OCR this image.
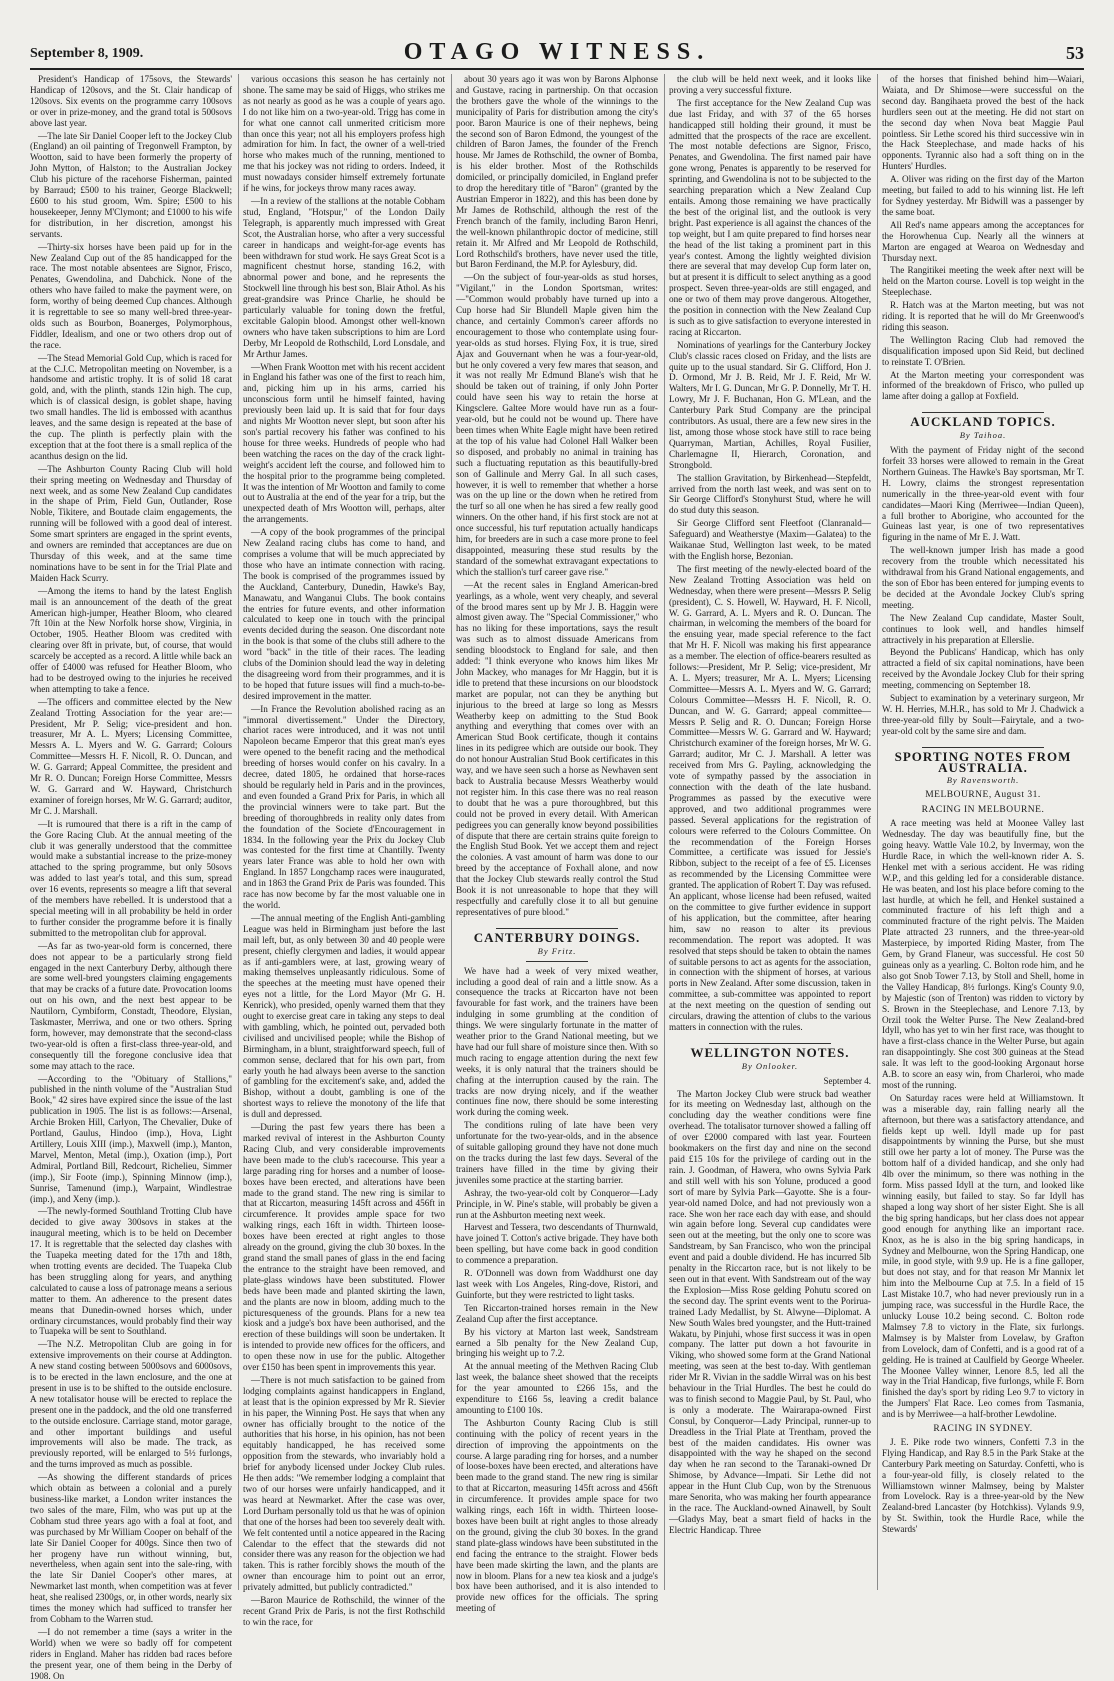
September 8, 1909.	OTAGO WITNESS.	53

President's Handicap of 175sovs, the Stewards' Handicap of 120sovs, and the St. Clair handicap of 120sovs. Six events on the programme carry 100sovs or over in prize-money, and the grand total is 500sovs above last year.

—The late Sir Daniel Cooper left to the Jockey Club (England) an oil painting of Tregonwell Frampton, by Wootton, said to have been formerly the property of John Mytton, of Halston; to the Australian Jockey Club his picture of the racehorse Fisherman, painted by Barraud; £500 to his trainer, George Blackwell; £600 to his stud groom, Wm. Spire; £500 to his housekeeper, Jenny M'Clymont; and £1000 to his wife for distribution, in her discretion, amongst his servants.

—Thirty-six horses have been paid up for in the New Zealand Cup out of the 85 handicapped for the race. The most notable absentees are Signor, Frisco, Penates, Gwendolina, and Dabchick. None of the others who have failed to make the payment were, on form, worthy of being deemed Cup chances. Although it is regrettable to see so many well-bred three-year-olds such as Bourbon, Boanerges, Polymorphous, Fiddler, Idealism, and one or two others drop out of the race.

—The Stead Memorial Gold Cup, which is raced for at the C.J.C. Metropolitan meeting on November, is a handsome and artistic trophy. It is of solid 18 carat gold, and, with the plinth, stands 12in high. The cup, which is of classical design, is goblet shape, having two small handles. The lid is embossed with acanthus leaves, and the same design is repeated at the base of the cup. The plinth is perfectly plain with the exception that at the foot there is a small replica of the acanthus design on the lid.

—The Ashburton County Racing Club will hold their spring meeting on Wednesday and Thursday of next week, and as some New Zealand Cup candidates in the shape of Prim, Field Gun, Outlander, Rose Noble, Tikitere, and Boutade claim engagements, the running will be followed with a good deal of interest. Some smart sprinters are engaged in the sprint events, and owners are reminded that acceptances are due on Thursday of this week, and at the same time nominations have to be sent in for the Trial Plate and Maiden Hack Scurry.

—Among the items to hand by the latest English mail is an announcement of the death of the great American high-jumper, Heather Bloom, who cleared 7ft 10in at the New Norfolk horse show, Virginia, in October, 1905. Heather Bloom was credited with clearing over 8ft in private, but, of course, that would scarcely be accepted as a record. A little while back an offer of £4000 was refused for Heather Bloom, who had to be destroyed owing to the injuries he received when attempting to take a fence.

—The officers and committee elected by the New Zealand Trotting Association for the year are:—President, Mr P. Selig; vice-president and hon. treasurer, Mr A. L. Myers; Licensing Committee, Messrs A. L. Myers and W. G. Garrard; Colours Committee—Messrs H. F. Nicoll, R. O. Duncan, and W. G. Garrard; Appeal Committee, the president and Mr R. O. Duncan; Foreign Horse Committee, Messrs W. G. Garrard and W. Hayward, Christchurch examiner of foreign horses, Mr W. G. Garrard; auditor, Mr C. J. Marshall.

—It is rumoured that there is a rift in the camp of the Gore Racing Club. At the annual meeting of the club it was generally understood that the committee would make a substantial increase to the prize-money attached to the spring programme, but only 50sovs was added to last year's total, and this sum, spread over 16 events, represents so meagre a lift that several of the members have rebelled. It is understood that a special meeting will in all probability be held in order to further consider the programme before it is finally submitted to the metropolitan club for approval.

—As far as two-year-old form is concerned, there does not appear to be a particularly strong field engaged in the next Canterbury Derby, although there are some well-bred youngsters claiming engagements that may be cracks of a future date. Provocation looms out on his own, and the next best appear to be Nautilorn, Cymbiform, Constadt, Theodore, Elysian, Taskmaster, Merriwa, and one or two others. Spring form, however, may demonstrate that the second-class two-year-old is often a first-class three-year-old, and consequently till the foregone conclusive idea that some may attach to the race.

—According to the "Obituary of Stallions," published in the ninth volume of the "Australian Stud Book," 42 sires have expired since the issue of the last publication in 1905. The list is as follows:—Arsenal, Archie Broken Hill, Carlyon, The Chevalier, Duke of Portland, Gaulus, Hindoo (imp.), Hova, Light Artillery, Louis XIII (imp.), Maxwell (imp.), Manton, Marvel, Menton, Metal (imp.), Oxation (imp.), Port Admiral, Portland Bill, Redcourt, Richelieu, Simmer (imp.), Sir Foote (imp.), Spinning Minnow (imp.), Sunrise, Tamenund (imp.), Warpaint, Windlestrae (imp.), and Xeny (imp.).

—The newly-formed Southland Trotting Club have decided to give away 300sovs in stakes at the inaugural meeting, which is to be held on December 17. It is regrettable that the selected day clashes with the Tuapeka meeting dated for the 17th and 18th, when trotting events are decided. The Tuapeka Club has been struggling along for years, and anything calculated to cause a loss of patronage means a serious matter to them. An adherence to the present dates means that Dunedin-owned horses which, under ordinary circumstances, would probably find their way to Tuapeka will be sent to Southland.

—The N.Z. Metropolitan Club are going in for extensive improvements on their course at Addington. A new stand costing between 5000sovs and 6000sovs, is to be erected in the lawn enclosure, and the one at present in use is to be shifted to the outside enclosure. A new totalisator house will be erected to replace the present one in the paddock, and the old one transferred to the outside enclosure. Carriage stand, motor garage, and other important buildings and useful improvements will also be made. The track, as previously reported, will be enlarged to 5½ furlongs, and the turns improved as much as possible.

—As showing the different standards of prices which obtain as between a colonial and a purely business-like market, a London writer instances the two sales of the mare, Film, who was put up at the Cobham stud three years ago with a foal at foot, and was purchased by Mr William Cooper on behalf of the late Sir Daniel Cooper for 400gs. Since then two of her progeny have run without winning, but, nevertheless, when again sent into the sale-ring, with the late Sir Daniel Cooper's other mares, at Newmarket last month, when competition was at fever heat, she realised 2300gs, or, in other words, nearly six times the money which had sufficed to transfer her from Cobham to the Warren stud.

—I do not remember a time (says a writer in the World) when we were so badly off for competent riders in England. Maher has ridden bad races before the present year, one of them being in the Derby of 1908. On

various occasions this season he has certainly not shone. The same may be said of Higgs, who strikes me as not nearly as good as he was a couple of years ago. I do not like him on a two-year-old. Trigg has come in for what one cannot call unmerited criticism more than once this year; not all his employers profess high admiration for him. In fact, the owner of a well-tried horse who makes much of the running, mentioned to me that his jockey was not riding to orders. Indeed, it must nowadays consider himself extremely fortunate if he wins, for jockeys throw many races away.

—In a review of the stallions at the notable Cobham stud, England, "Hotspur," of the London Daily Telegraph, is apparently much impressed with Great Scot, the Australian horse, who after a very successful career in handicaps and weight-for-age events has been withdrawn for stud work. He says Great Scot is a magnificent chestnut horse, standing 16.2, with abnormal power and bone, and he represents the Stockwell line through his best son, Blair Athol. As his great-grandsire was Prince Charlie, he should be particularly valuable for toning down the fretful, excitable Galopin blood. Amongst other well-known owners who have taken subscriptions to him are Lord Derby, Mr Leopold de Rothschild, Lord Lonsdale, and Mr Arthur James.

—When Frank Wootton met with his recent accident in England his father was one of the first to reach him, and, picking him up in his arms, carried his unconscious form until he himself fainted, having previously been laid up. It is said that for four days and nights Mr Wootton never slept, but soon after his son's partial recovery his father was confined to his house for three weeks. Hundreds of people who had been watching the races on the day of the crack light-weight's accident left the course, and followed him to the hospital prior to the programme being completed. It was the intention of Mr Wootton and family to come out to Australia at the end of the year for a trip, but the unexpected death of Mrs Wootton will, perhaps, alter the arrangements.

—A copy of the book programmes of the principal New Zealand racing clubs has come to hand, and comprises a volume that will be much appreciated by those who have an intimate connection with racing. The book is comprised of the programmes issued by the Auckland, Canterbury, Dunedin, Hawke's Bay, Manawatu, and Wanganui Clubs. The book contains the entries for future events, and other information calculated to keep one in touch with the principal events decided during the season. One discordant note in the book is that some of the clubs still adhere to the word "back" in the title of their races. The leading clubs of the Dominion should lead the way in deleting the disagreeing word from their programmes, and it is to be hoped that future issues will find a much-to-be-desired improvement in the matter.

—In France the Revolution abolished racing as an "immoral divertissement." Under the Directory, chariot races were introduced, and it was not until Napoleon became Emperor that this great man's eyes were opened to the benefit racing and the methodical breeding of horses would confer on his cavalry. In a decree, dated 1805, he ordained that horse-races should be regularly held in Paris and in the provinces, and even founded a Grand Prix for Paris, in which all the provincial winners were to take part. But the breeding of thoroughbreds in reality only dates from the foundation of the Societe d'Encouragement in 1834. In the following year the Prix du Jockey Club was contested for the first time at Chantilly. Twenty years later France was able to hold her own with England. In 1857 Longchamp races were inaugurated, and in 1863 the Grand Prix de Paris was founded. This race has now become by far the most valuable one in the world.

—The annual meeting of the English Anti-gambling League was held in Birmingham just before the last mail left, but, as only between 30 and 40 people were present, chiefly clergymen and ladies, it would appear as if anti-gamblers were, at last, growing weary of making themselves unpleasantly ridiculous. Some of the speeches at the meeting must have opened their eyes not a little, for the Lord Mayor (Mr G. H. Kenrick), who presided, openly warned them that they ought to exercise great care in taking any steps to deal with gambling, which, he pointed out, pervaded both civilised and uncivilised people; while the Bishop of Birmingham, in a blunt, straightforward speech, full of common sense, declared that for his own part, from early youth he had always been averse to the sanction of gambling for the excitement's sake, and, added the Bishop, without a doubt, gambling is one of the shortest ways to relieve the monotony of the life that is dull and depressed.

—During the past few years there has been a marked revival of interest in the Ashburton County Racing Club, and very considerable improvements have been made to the club's racecourse. This year a large parading ring for horses and a number of loose-boxes have been erected, and alterations have been made to the grand stand. The new ring is similar to that at Riccarton, measuring 145ft across and 456ft in circumference. It provides ample space for two walking rings, each 16ft in width. Thirteen loose-boxes have been erected at right angles to those already on the ground, giving the club 30 boxes. In the grand stand the small panes of glass in the end facing the entrance to the straight have been removed, and plate-glass windows have been substituted. Flower beds have been made and planted skirting the lawn, and the plants are now in bloom, adding much to the picturesqueness of the grounds. Plans for a new tea kiosk and a judge's box have been authorised, and the erection of these buildings will soon be undertaken. It is intended to provide new offices for the officers, and to open these now in use for the public. Altogether over £150 has been spent in improvements this year.

—There is not much satisfaction to be gained from lodging complaints against handicappers in England, at least that is the opinion expressed by Mr R. Sievier in his paper, the Winning Post. He says that when any owner has officially brought to the notice of the authorities that his horse, in his opinion, has not been equitably handicapped, he has received some opposition from the stewards, who invariably hold a brief for anybody licensed under Jockey Club rules. He then adds: "We remember lodging a complaint that two of our horses were unfairly handicapped, and it was heard at Newmarket. After the case was over, Lord Durham personally told us that he was of opinion that one of the horses had been too severely dealt with. We felt contented until a notice appeared in the Racing Calendar to the effect that the stewards did not consider there was any reason for the objection we had taken. This is rather forcibly shows the mouth of the owner than encourage him to point out an error, privately admitted, but publicly contradicted."

—Baron Maurice de Rothschild, the winner of the recent Grand Prix de Paris, is not the first Rothschild to win the race, for

about 30 years ago it was won by Barons Alphonse and Gustave, racing in partnership. On that occasion the brothers gave the whole of the winnings to the municipality of Paris for distribution among the city's poor. Baron Maurice is one of their nephews, being the second son of Baron Edmond, the youngest of the children of Baron James, the founder of the French house. Mr James de Rothschild, the owner of Bomba, is his elder brother. Most of the Rothschilds domiciled, or principally domiciled, in England prefer to drop the hereditary title of "Baron" (granted by the Austrian Emperor in 1822), and this has been done by Mr James de Rothschild, although the rest of the French branch of the family, including Baron Henri, the well-known philanthropic doctor of medicine, still retain it. Mr Alfred and Mr Leopold de Rothschild, Lord Rothschild's brothers, have never used the title, but Baron Ferdinand, the M.P. for Aylesbury, did.

—On the subject of four-year-olds as stud horses, "Vigilant," in the London Sportsman, writes:—"Common would probably have turned up into a Cup horse had Sir Blundell Maple given him the chance, and certainly Common's career affords no encouragement to those who contemplate using four-year-olds as stud horses. Flying Fox, it is true, sired Ajax and Gouvernant when he was a four-year-old, but he only covered a very few mares that season, and it was not really Mr Edmund Blane's wish that he should be taken out of training, if only John Porter could have seen his way to retain the horse at Kingsclere. Galtee More would have run as a four-year-old, but he could not be wound up. There have been times when White Eagle might have been retired at the top of his value had Colonel Hall Walker been so disposed, and probably no animal in training has such a fluctuating reputation as this beautifully-bred son of Gallinule and Merry Gal. In all such cases, however, it is well to remember that whether a horse was on the up line or the down when he retired from the turf so all one when he has sired a few really good winners. On the other hand, if his first stock are not at once successful, his turf reputation actually handicaps him, for breeders are in such a case more prone to feel disappointed, measuring these stud results by the standard of the somewhat extravagant expectations to which the stallion's turf career gave rise."

—At the recent sales in England American-bred yearlings, as a whole, went very cheaply, and several of the brood mares sent up by Mr J. B. Haggin were almost given away. The "Special Commissioner," who has no liking for these importations, says the result was such as to almost dissuade Americans from sending bloodstock to England for sale, and then added: "I think everyone who knows him likes Mr John Mackey, who manages for Mr Haggin, but it is idle to pretend that these incursions on our bloodstock market are popular, not can they be anything but injurious to the breed at large so long as Messrs Weatherby keep on admitting to the Stud Book anything and everything that comes over with an American Stud Book certificate, though it contains lines in its pedigree which are outside our book. They do not honour Australian Stud Book certificates in this way, and we have seen such a horse as Newhaven sent back to Australia because Messrs Weatherby would not register him. In this case there was no real reason to doubt that he was a pure thoroughbred, but this could not be proved in every detail. With American pedigrees you can generally know beyond possibilities of dispute that there are certain strains quite foreign to the English Stud Book. Yet we accept them and reject the colonies. A vast amount of harm was done to our breed by the acceptance of Foxhall alone, and now that the Jockey Club stewards really control the Stud Book it is not unreasonable to hope that they will respectfully and carefully close it to all but genuine representatives of pure blood."

CANTERBURY DOINGS.
By Fritz.

We have had a week of very mixed weather, including a good deal of rain and a little snow. As a consequence the tracks at Riccarton have not been favourable for fast work, and the trainers have been indulging in some grumbling at the condition of things. We were singularly fortunate in the matter of weather prior to the Grand National meeting, but we have had our full share of moisture since then. With so much racing to engage attention during the next few weeks, it is only natural that the trainers should be chafing at the interruption caused by the rain. The tracks are now drying nicely, and if the weather continues fine now, there should be some interesting work during the coming week.

The conditions ruling of late have been very unfortunate for the two-year-olds, and in the absence of suitable galloping ground they have not done much on the tracks during the last few days. Several of the trainers have filled in the time by giving their juveniles some practice at the starting barrier.

Ashray, the two-year-old colt by Conqueror—Lady Principle, in W. Pine's stable, will probably be given a run at the Ashburton meeting next week.

Harvest and Tessera, two descendants of Thurnwald, have joined T. Cotton's active brigade. They have both been spelling, but have come back in good condition to commence a preparation.

R. O'Donnell was down from Waddhurst one day last week with Los Angeles, Ring-dove, Ristori, and Guinforte, but they were restricted to light tasks.

Ten Riccarton-trained horses remain in the New Zealand Cup after the first acceptance.

By his victory at Marton last week, Sandstream earned a 5lb penalty for the New Zealand Cup, bringing his weight up to 7.2.

At the annual meeting of the Methven Racing Club last week, the balance sheet showed that the receipts for the year amounted to £266 15s, and the expenditure to £166 5s, leaving a credit balance amounting to £100 10s.

The Ashburton County Racing Club is still continuing with the policy of recent years in the direction of improving the appointments on the course. A large parading ring for horses, and a number of loose-boxes have been erected, and alterations have been made to the grand stand. The new ring is similar to that at Riccarton, measuring 145ft across and 456ft in circumference. It provides ample space for two walking rings, each 16ft in width. Thirteen loose-boxes have been built at right angles to those already on the ground, giving the club 30 boxes. In the grand stand plate-glass windows have been substituted in the end facing the entrance to the straight. Flower beds have been made skirting the lawn, and the plants are now in bloom. Plans for a new tea kiosk and a judge's box have been authorised, and it is also intended to provide new offices for the officials. The spring meeting of

the club will be held next week, and it looks like proving a very successful fixture.

The first acceptance for the New Zealand Cup was due last Friday, and with 37 of the 65 horses handicapped still holding their ground, it must be admitted that the prospects of the race are excellent. The most notable defections are Signor, Frisco, Penates, and Gwendolina. The first named pair have gone wrong, Penates is apparently to be reserved for sprinting, and Gwendolina is not to be subjected to the searching preparation which a New Zealand Cup entails. Among those remaining we have practically the best of the original list, and the outlook is very bright. Past experience is all against the chances of the top weight, but I am quite prepared to find horses near the head of the list taking a prominent part in this year's contest. Among the lightly weighted division there are several that may develop Cup form later on, but at present it is difficult to select anything as a good prospect. Seven three-year-olds are still engaged, and one or two of them may prove dangerous. Altogether, the position in connection with the New Zealand Cup is such as to give satisfaction to everyone interested in racing at Riccarton.

Nominations of yearlings for the Canterbury Jockey Club's classic races closed on Friday, and the lists are quite up to the usual standard. Sir G. Clifford, Hon J. D. Ormond, Mr J. B. Reid, Mr J. F. Reid, Mr W. Walters, Mr I. G. Duncan, Mr G. P. Donnelly, Mr T. H. Lowry, Mr J. F. Buchanan, Hon G. M'Lean, and the Canterbury Park Stud Company are the principal contributors. As usual, there are a few new sires in the list, among those whose stock have still to race being Quarryman, Martian, Achilles, Royal Fusilier, Charlemagne II, Hierarch, Coronation, and Strongbold.

The stallion Gravitation, by Birkenhead—Stepfeldt, arrived from the north last week, and was sent on to Sir George Clifford's Stonyhurst Stud, where he will do stud duty this season.

Sir George Clifford sent Fleetfoot (Clanranald—Safeguard) and Weatherstye (Maxim—Galatea) to the Waikanae Stud, Wellington last week, to be mated with the English horse, Bezonian.

The first meeting of the newly-elected board of the New Zealand Trotting Association was held on Wednesday, when there were present—Messrs P. Selig (president), C. S. Howell, W. Hayward, H. F. Nicoll, W. G. Garrard, A. L. Myers and R. O. Duncan. The chairman, in welcoming the members of the board for the ensuing year, made special reference to the fact that Mr H. F. Nicoll was making his first appearance as a member. The election of office-bearers resulted as follows:—President, Mr P. Selig; vice-president, Mr A. L. Myers; treasurer, Mr A. L. Myers; Licensing Committee—Messrs A. L. Myers and W. G. Garrard; Colours Committee—Messrs H. F. Nicoll, R. O. Duncan, and W. G. Garrard; appeal committee—Messrs P. Selig and R. O. Duncan; Foreign Horse Committee—Messrs W. G. Garrard and W. Hayward; Christchurch examiner of the foreign horses, Mr W. G. Garrard; auditor, Mr C. J. Marshall. A letter was received from Mrs G. Payling, acknowledging the vote of sympathy passed by the association in connection with the death of the late husband. Programmes as passed by the executive were approved, and two additional programmes were passed. Several applications for the registration of colours were referred to the Colours Committee. On the recommendation of the Foreign Horses Committee, a certificate was issued for Jessie's Ribbon, subject to the receipt of a fee of £5. Licenses as recommended by the Licensing Committee were granted. The application of Robert T. Day was refused. An applicant, whose license had been refused, waited on the committee to give further evidence in support of his application, but the committee, after hearing him, saw no reason to alter its previous recommendation. The report was adopted. It was resolved that steps should be taken to obtain the names of suitable persons to act as agents for the association, in connection with the shipment of horses, at various ports in New Zealand. After some discussion, taken in committee, a sub-committee was appointed to report at the next meeting on the question of sending out circulars, drawing the attention of clubs to the various matters in connection with the rules.

WELLINGTON NOTES.
By Onlooker.
September 4.

The Marton Jockey Club were struck bad weather for its meeting on Wednesday last, although on the concluding day the weather conditions were fine overhead. The totalisator turnover showed a falling off of over £2000 compared with last year. Fourteen bookmakers on the first day and nine on the second paid £15 10s for the privilege of carding out in the rain. J. Goodman, of Hawera, who owns Sylvia Park and still well with his son Yolune, produced a good sort of mare by Sylvia Park—Gayotte. She is a four-year-old named Dolce, and had not previously won a race. She won her race each day with ease, and should win again before long. Several cup candidates were seen out at the meeting, but the only one to score was Sandstream, by San Francisco, who won the principal event and paid a double dividend. He has incurred 5lb penalty in the Riccarton race, but is not likely to be seen out in that event. With Sandstream out of the way the Explosion—Miss Rose gelding Pohutu scored on the second day. The sprint events went to the Porirua-trained Lady Medallist, by St. Alwyne—Diplomat. A New South Wales bred youngster, and the Hutt-trained Wakatu, by Pinjuhi, whose first success it was in open company. The latter put down a hot favourite in Viking, who showed some form at the Grand National meeting, was seen at the best to-day. With gentleman rider Mr R. Vivian in the saddle Wirral was on his best behaviour in the Trial Hurdles. The best he could do was to finish second to Maggie Paul, by St. Paul, who is only a moderate. The Wairarapa-owned First Consul, by Conqueror—Lady Principal, runner-up to Dreadless in the Trial Plate at Trentham, proved the best of the maiden candidates. His owner was disappointed with the way he shaped on the second day when he ran second to the Taranaki-owned Dr Shimose, by Advance—Impati. Sir Lethe did not appear in the Hunt Club Cup, won by the Strenuous mare Senorita, who was making her fourth appearance in the race. The Auckland-owned Ainawell, by Soult—Gladys May, beat a smart field of hacks in the Electric Handicap. Three

of the horses that finished behind him—Waiari, Waiata, and Dr Shimose—were successful on the second day. Bangihaeta proved the best of the hack hurdlers seen out at the meeting. He did not start on the second day when Nova beat Maggie Paul pointless. Sir Lethe scored his third successive win in the Hack Steeplechase, and made hacks of his opponents. Tyrannic also had a soft thing on in the Hunters' Hurdles.

A. Oliver was riding on the first day of the Marton meeting, but failed to add to his winning list. He left for Sydney yesterday. Mr Bidwill was a passenger by the same boat.

All Red's name appears among the acceptances for the Horowhenua Cup. Nearly all the winners at Marton are engaged at Wearoa on Wednesday and Thursday next.

The Rangitikei meeting the week after next will be held on the Marton course. Lovell is top weight in the Steeplechase.

R. Hatch was at the Marton meeting, but was not riding. It is reported that he will do Mr Greenwood's riding this season.

The Wellington Racing Club had removed the disqualification imposed upon Sid Reid, but declined to reinstate T. O'Brien.

At the Marton meeting your correspondent was informed of the breakdown of Frisco, who pulled up lame after doing a gallop at Foxfield.

AUCKLAND TOPICS.
By Taihoa.

With the payment of Friday night of the second forfeit 33 horses were allowed to remain in the Great Northern Guineas. The Hawke's Bay sportsman, Mr T. H. Lowry, claims the strongest representation numerically in the three-year-old event with four candidates—Maori King (Merriwee—Indian Queen), a full brother to Aborigine, who accounted for the Guineas last year, is one of two representatives figuring in the name of Mr E. J. Watt.

The well-known jumper Irish has made a good recovery from the trouble which necessitated his withdrawal from his Grand National engagements, and the son of Ebor has been entered for jumping events to be decided at the Avondale Jockey Club's spring meeting.

The New Zealand Cup candidate, Master Soult, continues to look well, and handles himself attractively in his preparation at Ellerslie.

Beyond the Publicans' Handicap, which has only attracted a field of six capital nominations, have been received by the Avondale Jockey Club for their spring meeting, commencing on September 18.

Subject to examination by a veterinary surgeon, Mr W. H. Herries, M.H.R., has sold to Mr J. Chadwick a three-year-old filly by Soult—Fairytale, and a two-year-old colt by the same sire and dam.

SPORTING NOTES FROM AUSTRALIA.
By Ravensworth.
MELBOURNE, August 31.
RACING IN MELBOURNE.

A race meeting was held at Moonee Valley last Wednesday. The day was beautifully fine, but the going heavy. Wattle Vale 10.2, by Invermay, won the Hurdle Race, in which the well-known rider A. S. Henkel met with a serious accident. He was riding W.P., and this gelding led for a considerable distance. He was beaten, and lost his place before coming to the last hurdle, at which he fell, and Henkel sustained a comminuted fracture of his left thigh and a comminuted fracture of the right pelvis. The Maiden Plate attracted 23 runners, and the three-year-old Masterpiece, by imported Riding Master, from The Gem, by Grand Flaneur, was successful. He cost 50 guineas only as a yearling. C. Bolton rode him, and he also got Snob Tower 7.13, by Stoll and Shell, home in the Valley Handicap, 8½ furlongs. King's County 9.0, by Majestic (son of Trenton) was ridden to victory by S. Brown in the Steeplechase, and Lenore 7.13, by Orzil took the Welter Purse. The New Zealand-bred Idyll, who has yet to win her first race, was thought to have a first-class chance in the Welter Purse, but again ran disappointingly. She cost 300 guineas at the Stead sale. It was left to the good-looking Argonaut horse A.B. to score an easy win, from Charleroi, who made most of the running.

On Saturday races were held at Williamstown. It was a miserable day, rain falling nearly all the afternoon, but there was a satisfactory attendance, and fields kept up well. Idyll made up for past disappointments by winning the Purse, but she must still owe her party a lot of money. The Purse was the bottom half of a divided handicap, and she only had 4lb over the minimum, so there was nothing in the form. Miss passed Idyll at the turn, and looked like winning easily, but failed to stay. So far Idyll has shaped a long way short of her sister Eight. She is all the big spring handicaps, but her class does not appear good enough for anything like an important race. Knox, as he is also in the big spring handicaps, in Sydney and Melbourne, won the Spring Handicap, one mile, in good style, with 9.9 up. He is a fine galloper, but does not stay, and for that reason Mr Mannix let him into the Melbourne Cup at 7.5. In a field of 15 Last Mistake 10.7, who had never previously run in a jumping race, was successful in the Hurdle Race, the unlucky Louse 10.2 being second. C. Bolton rode Malmsey 7.8 to victory in the Flate, six furlongs. Malmsey is by Malster from Lovelaw, by Grafton from Lovelock, dam of Confetti, and is a good rat of a gelding. He is trained at Caulfield by George Wheeler. The Moonee Valley winner, Lenore 8.5, led all the way in the Trial Handicap, five furlongs, while F. Born finished the day's sport by riding Leo 9.7 to victory in the Jumpers' Flat Race. Leo comes from Tasmania, and is by Merriwee—a half-brother Lewdoline.

RACING IN SYDNEY.

J. E. Pike rode two winners, Confetti 7.3 in the Flying Handicap, and Ray 8.5 in the Park Stake at the Canterbury Park meeting on Saturday. Confetti, who is a four-year-old filly, is closely related to the Williamstown winner Malmsey, being by Malster from Lovelock. Ray is a three-year-old by the New Zealand-bred Lancaster (by Hotchkiss). Vylands 9.9, by St. Swithin, took the Hurdle Race, while the Stewards'
